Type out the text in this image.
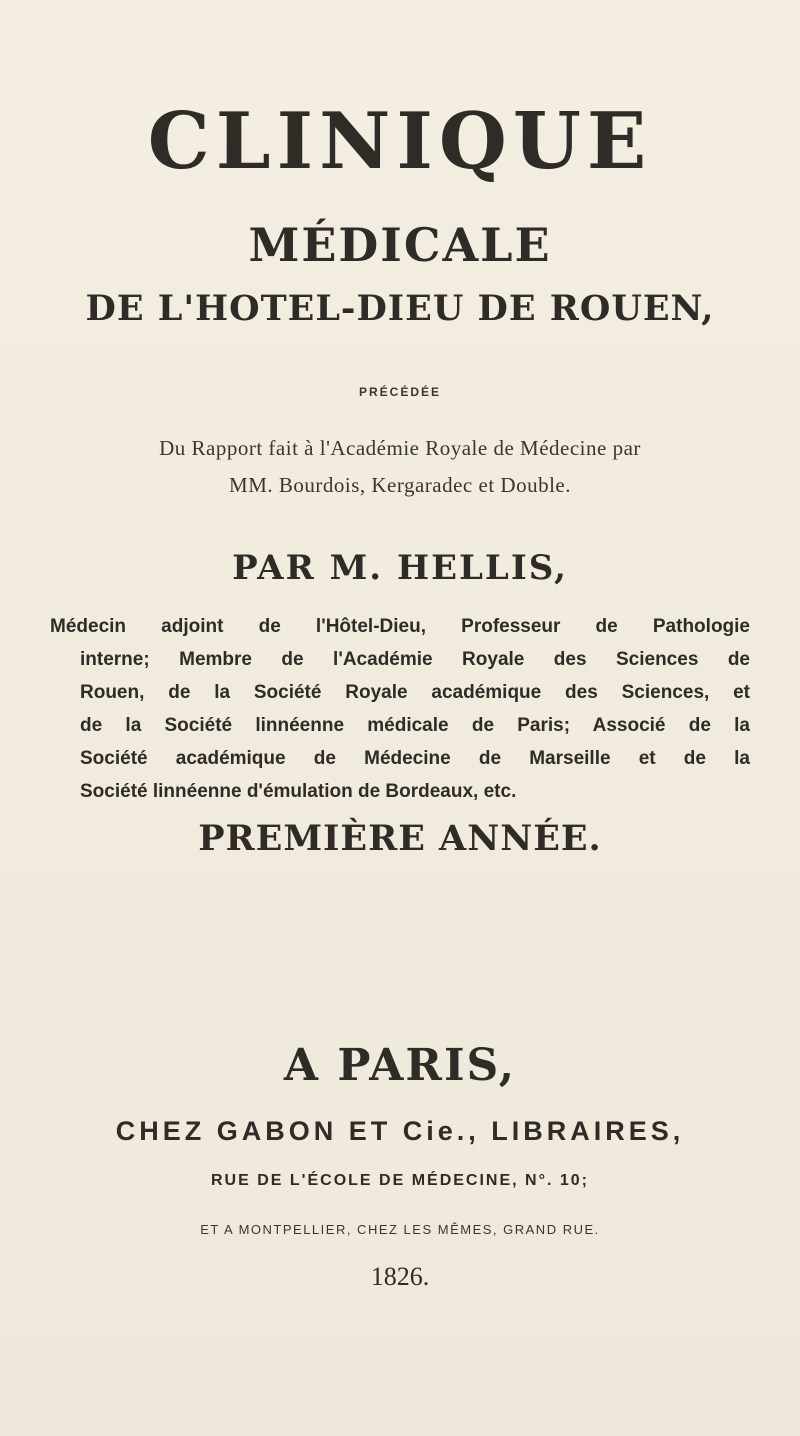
CLINIQUE
MÉDICALE
DE L'HOTEL-DIEU DE ROUEN,
PRÉCÉDÉE
Du Rapport fait à l'Académie Royale de Médecine par
MM. Bourdois, Kergaradec et Double.
PAR M. HELLIS,
Médecin adjoint de l'Hôtel-Dieu, Professeur de Pathologie
interne; Membre de l'Académie Royale des Sciences de
Rouen, de la Société Royale académique des Sciences, et
de la Société linnéenne médicale de Paris; Associé de la
Société académique de Médecine de Marseille et de la
Société linnéenne d'émulation de Bordeaux, etc.
PREMIÈRE ANNÉE.
A PARIS,
CHEZ GABON ET Cie., LIBRAIRES,
RUE DE L'ÉCOLE DE MÉDECINE, N°. 10;
ET A MONTPELLIER, CHEZ LES MÊMES, GRAND RUE.
1826.
